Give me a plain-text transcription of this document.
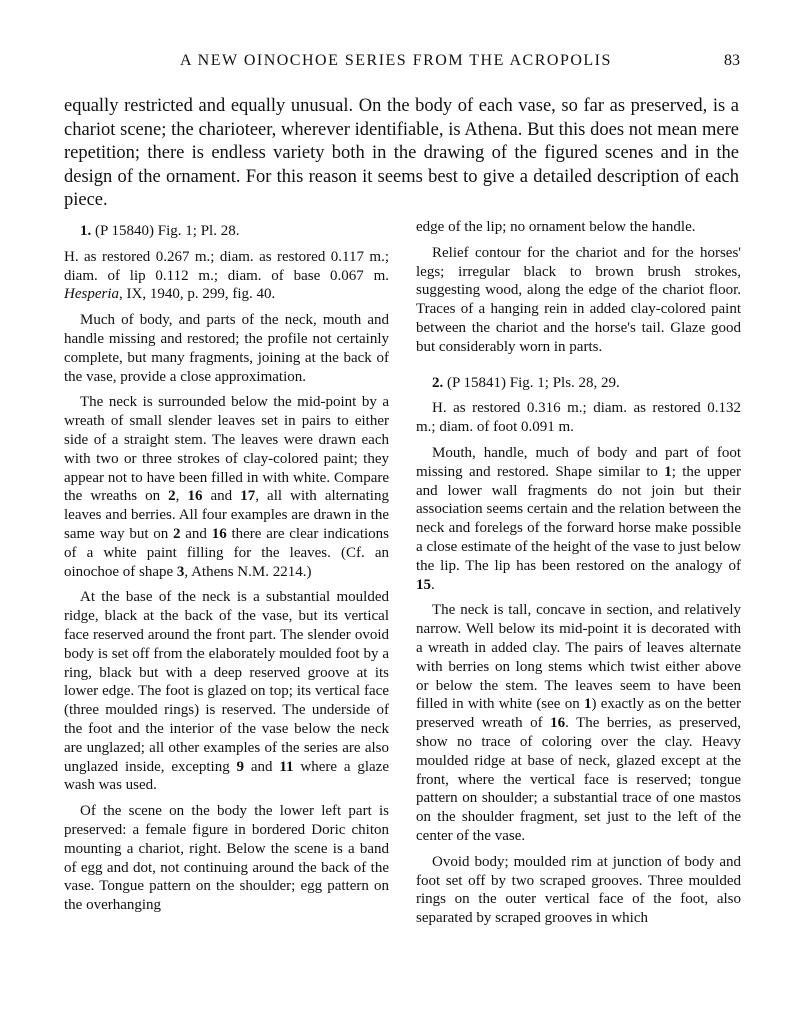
A NEW OINOCHOE SERIES FROM THE ACROPOLIS	83

equally restricted and equally unusual. On the body of each vase, so far as preserved, is a chariot scene; the charioteer, wherever identifiable, is Athena. But this does not mean mere repetition; there is endless variety both in the drawing of the figured scenes and in the design of the ornament. For this reason it seems best to give a detailed description of each piece.

1. (P 15840) Fig. 1; Pl. 28.

H. as restored 0.267 m.; diam. as restored 0.117 m.; diam. of lip 0.112 m.; diam. of base 0.067 m. Hesperia, IX, 1940, p. 299, fig. 40.

Much of body, and parts of the neck, mouth and handle missing and restored; the profile not certainly complete, but many fragments, joining at the back of the vase, provide a close approximation.

The neck is surrounded below the mid-point by a wreath of small slender leaves set in pairs to either side of a straight stem. The leaves were drawn each with two or three strokes of clay-colored paint; they appear not to have been filled in with white. Compare the wreaths on 2, 16 and 17, all with alternating leaves and berries. All four examples are drawn in the same way but on 2 and 16 there are clear indications of a white paint filling for the leaves. (Cf. an oinochoe of shape 3, Athens N.M. 2214.)

At the base of the neck is a substantial moulded ridge, black at the back of the vase, but its vertical face reserved around the front part. The slender ovoid body is set off from the elaborately moulded foot by a ring, black but with a deep reserved groove at its lower edge. The foot is glazed on top; its vertical face (three moulded rings) is reserved. The underside of the foot and the interior of the vase below the neck are unglazed; all other examples of the series are also unglazed inside, excepting 9 and 11 where a glaze wash was used.

Of the scene on the body the lower left part is preserved: a female figure in bordered Doric chiton mounting a chariot, right. Below the scene is a band of egg and dot, not continuing around the back of the vase. Tongue pattern on the shoulder; egg pattern on the overhanging

edge of the lip; no ornament below the handle.

Relief contour for the chariot and for the horses' legs; irregular black to brown brush strokes, suggesting wood, along the edge of the chariot floor. Traces of a hanging rein in added clay-colored paint between the chariot and the horse's tail. Glaze good but considerably worn in parts.

2. (P 15841) Fig. 1; Pls. 28, 29.

H. as restored 0.316 m.; diam. as restored 0.132 m.; diam. of foot 0.091 m.

Mouth, handle, much of body and part of foot missing and restored. Shape similar to 1; the upper and lower wall fragments do not join but their association seems certain and the relation between the neck and forelegs of the forward horse make possible a close estimate of the height of the vase to just below the lip. The lip has been restored on the analogy of 15.

The neck is tall, concave in section, and relatively narrow. Well below its mid-point it is decorated with a wreath in added clay. The pairs of leaves alternate with berries on long stems which twist either above or below the stem. The leaves seem to have been filled in with white (see on 1) exactly as on the better preserved wreath of 16. The berries, as preserved, show no trace of coloring over the clay. Heavy moulded ridge at base of neck, glazed except at the front, where the vertical face is reserved; tongue pattern on shoulder; a substantial trace of one mastos on the shoulder fragment, set just to the left of the center of the vase.

Ovoid body; moulded rim at junction of body and foot set off by two scraped grooves. Three moulded rings on the outer vertical face of the foot, also separated by scraped grooves in which
